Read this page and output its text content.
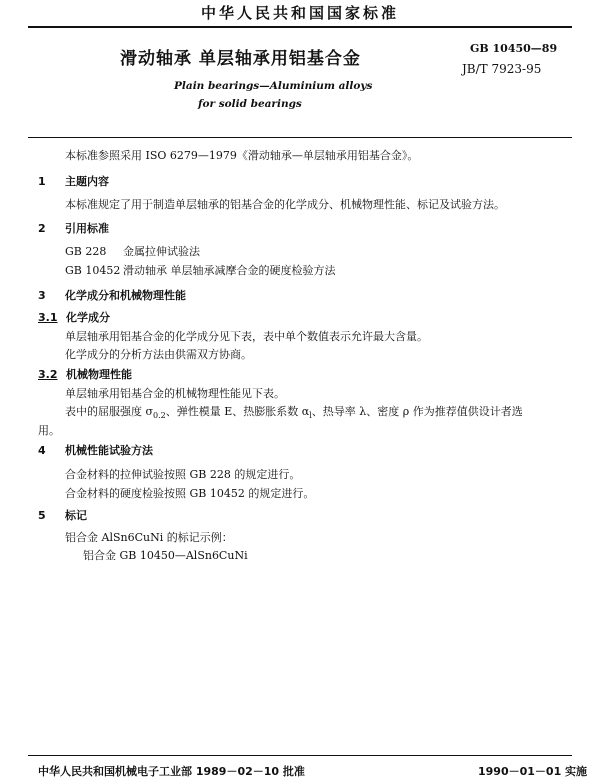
中华人民共和国国家标准
滑动轴承 单层轴承用铝基合金
GB 10450—89
JB/T 7923-95
Plain bearings—Aluminium alloys
for solid bearings
本标准参照采用 ISO 6279—1979《滑动轴承—单层轴承用铝基合金》。
1 主题内容
本标准规定了用于制造单层轴承的铝基合金的化学成分、机械物理性能、标记及试验方法。
2 引用标准
GB 228 金属拉伸试验法
GB 10452 滑动轴承 单层轴承减摩合金的硬度检验方法
3 化学成分和机械物理性能
3.1 化学成分
单层轴承用铝基合金的化学成分见下表，表中单个数值表示允许最大含量。
化学成分的分析方法由供需双方协商。
3.2 机械物理性能
单层轴承用铝基合金的机械物理性能见下表。
表中的屈服强度 $\sigma_{0.2}$、弹性模量 E、热膨胀系数 $\alpha_l$、热导率 λ、密度 ρ 作为推荐值供设计者选
用。
4 机械性能试验方法
合金材料的拉伸试验按照 GB 228 的规定进行。
合金材料的硬度检验按照 GB 10452 的规定进行。
5 标记
铝合金 AlSn6CuNi 的标记示例：
铝合金 GB 10450—AlSn6CuNi
中华人民共和国机械电子工业部 1989－02－10 批准	1990－01－01 实施
